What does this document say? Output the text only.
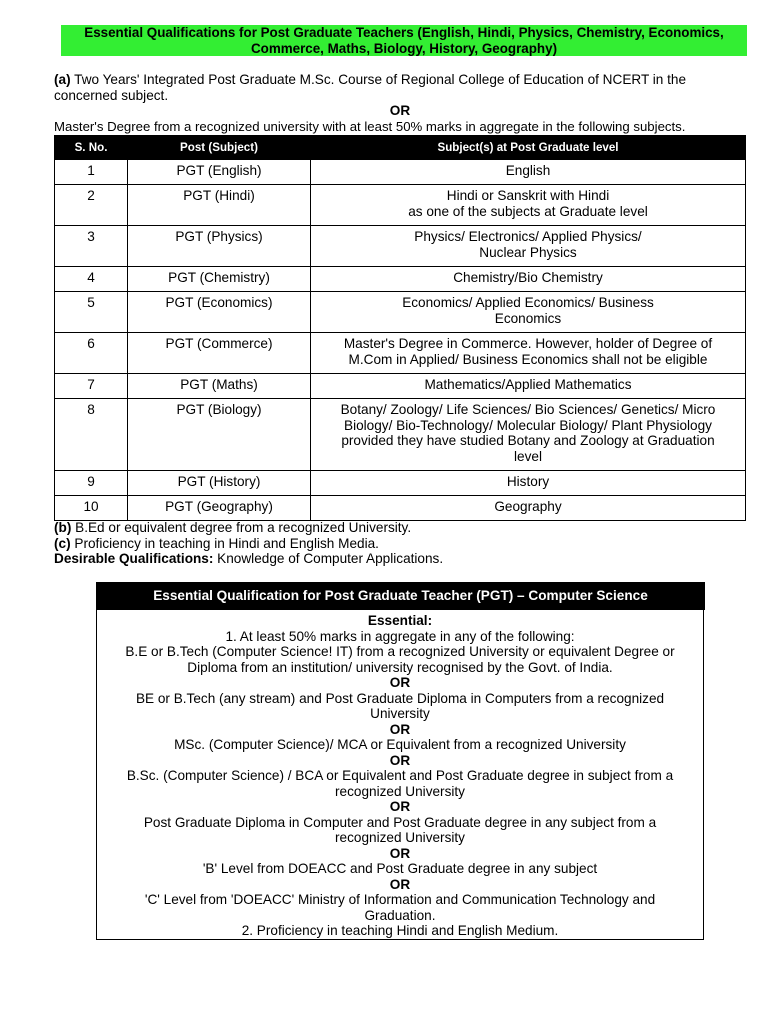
Essential Qualifications for Post Graduate Teachers (English, Hindi, Physics, Chemistry, Economics,
Commerce, Maths, Biology, History, Geography)
(a) Two Years' Integrated Post Graduate M.Sc. Course of Regional College of Education of NCERT in the
concerned subject.
OR
Master's Degree from a recognized university with at least 50% marks in aggregate in the following subjects.
S. No.	Post (Subject)	Subject(s) at Post Graduate level
1	PGT (English)	English

2	PGT (Hindi)	Hindi or Sanskrit with Hindi
as one of the subjects at Graduate level

3	PGT (Physics)	Physics/ Electronics/ Applied Physics/
Nuclear Physics

4	PGT (Chemistry)	Chemistry/Bio Chemistry

5	PGT (Economics)	Economics/ Applied Economics/ Business
Economics

6	PGT (Commerce)	Master's Degree in Commerce. However, holder of Degree of
M.Com in Applied/ Business Economics shall not be eligible

7	PGT (Maths)	Mathematics/Applied Mathematics

8	PGT (Biology)	Botany/ Zoology/ Life Sciences/ Bio Sciences/ Genetics/ Micro
Biology/ Bio-Technology/ Molecular Biology/ Plant Physiology
provided they have studied Botany and Zoology at Graduation
level

9	PGT (History)	History

10	PGT (Geography)	Geography
(b) B.Ed or equivalent degree from a recognized University.
(c) Proficiency in teaching in Hindi and English Media.
Desirable Qualifications: Knowledge of Computer Applications.
Essential Qualification for Post Graduate Teacher (PGT) – Computer Science
Essential:
1. At least 50% marks in aggregate in any of the following:
B.E or B.Tech (Computer Science! IT) from a recognized University or equivalent Degree or
Diploma from an institution/ university recognised by the Govt. of India.
OR
BE or B.Tech (any stream) and Post Graduate Diploma in Computers from a recognized
University
OR
MSc. (Computer Science)/ MCA or Equivalent from a recognized University
OR
B.Sc. (Computer Science) / BCA or Equivalent and Post Graduate degree in subject from a
recognized University
OR
Post Graduate Diploma in Computer and Post Graduate degree in any subject from a
recognized University
OR
'B' Level from DOEACC and Post Graduate degree in any subject
OR
'C' Level from 'DOEACC' Ministry of Information and Communication Technology and
Graduation.
2. Proficiency in teaching Hindi and English Medium.
